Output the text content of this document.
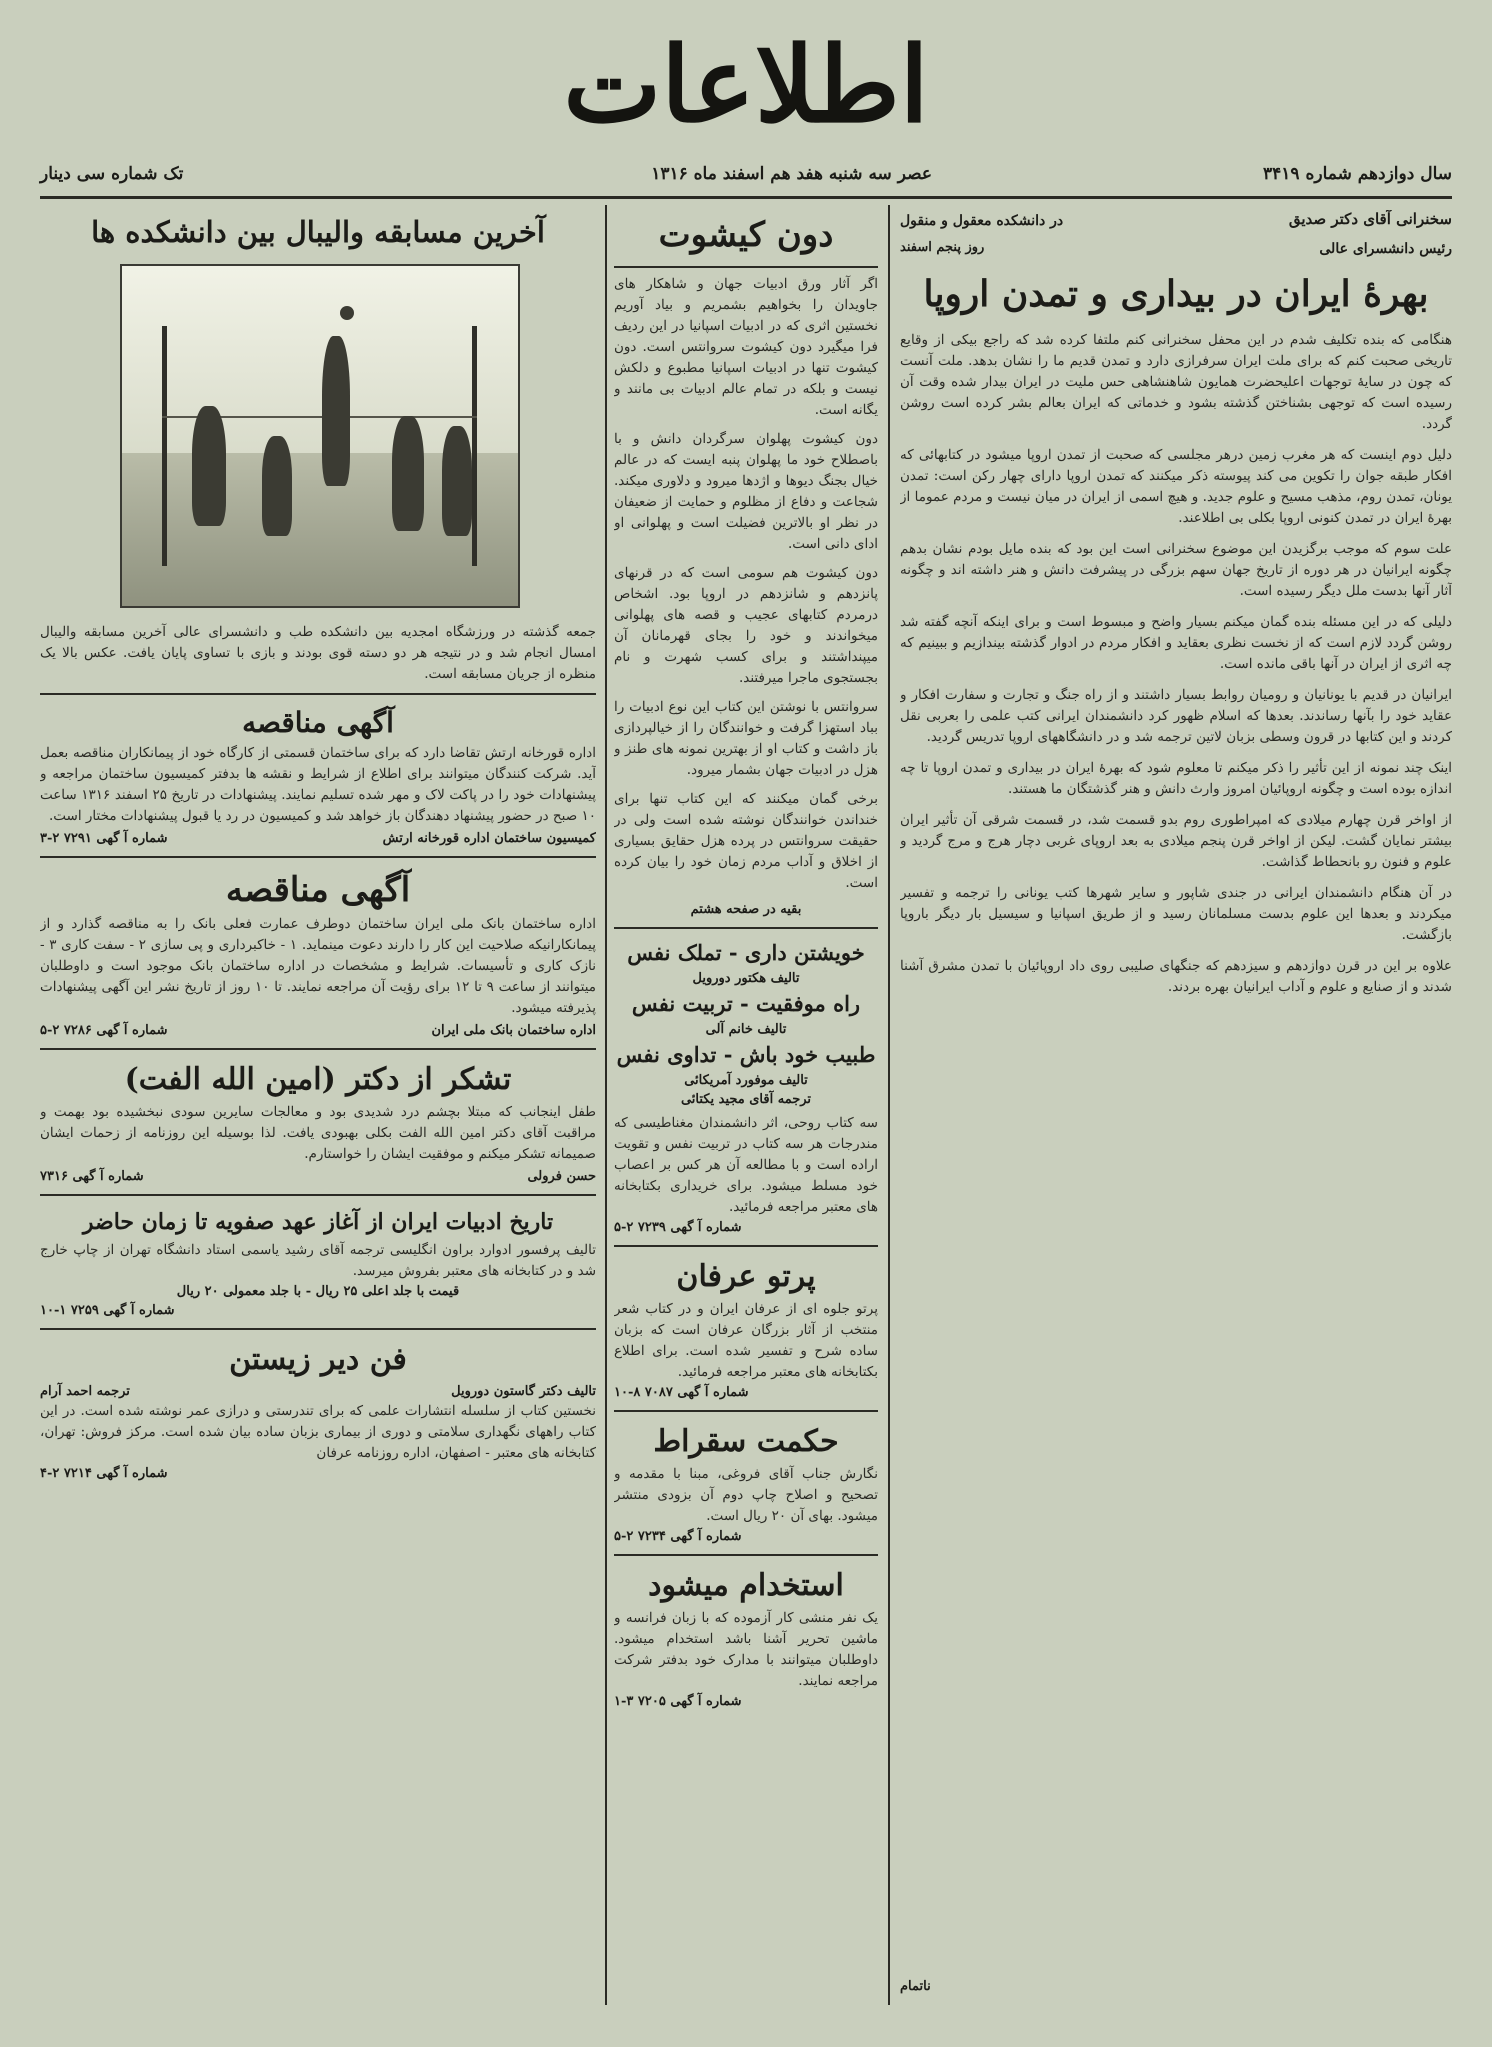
اطلاعات
سال دوازدهم شماره ۳۴۱۹
عصر سه شنبه هفد هم اسفند ماه ۱۳۱۶
تک شماره سی دینار

سخنرانی آقای دکتر صدیق

رئیس دانشسرای عالی

بهرهٔ ایران در بیداری و تمدن اروپا

هنگامی که بنده تکلیف شدم در این محفل سخنرانی کنم ملتفا کرده شد که راجع بیکی از وقایع تاریخی صحبت کنم که برای ملت ایران سرفرازی دارد و تمدن قدیم ما را نشان بدهد. ملت آنست که چون در سایهٔ توجهات اعلیحضرت همایون شاهنشاهی حس ملیت در ایران بیدار شده وقت آن رسیده است که توجهی بشناختن گذشته بشود و خدماتی که ایران بعالم بشر کرده است روشن گردد.

دلیل دوم اینست که هر مغرب زمین درهر مجلسی که صحبت از تمدن اروپا میشود در کتابهائی که افکار طبقه جوان را تکوین می کند پیوسته ذکر میکنند که تمدن اروپا دارای چهار رکن است: تمدن یونان، تمدن روم، مذهب مسیح و علوم جدید. و هیچ اسمی از ایران در میان نیست و مردم عموما از بهرهٔ ایران در تمدن کنونی اروپا بکلی بی اطلاعند.

علت سوم که موجب برگزیدن این موضوع سخنرانی است این بود که بنده مایل بودم نشان بدهم چگونه ایرانیان در هر دوره از تاریخ جهان سهم بزرگی در پیشرفت دانش و هنر داشته اند و چگونه آثار آنها بدست ملل دیگر رسیده است.

دلیلی که در این مسئله بنده گمان میکنم بسیار واضح و مبسوط است و برای اینکه آنچه گفته شد روشن گردد لازم است که از نخست نظری بعقاید و افکار مردم در ادوار گذشته بیندازیم و ببینیم که چه اثری از ایران در آنها باقی مانده است.

ایرانیان در قدیم با یونانیان و رومیان روابط بسیار داشتند و از راه جنگ و تجارت و سفارت افکار و عقاید خود را بآنها رساندند. بعدها که اسلام ظهور کرد دانشمندان ایرانی کتب علمی را بعربی نقل کردند و این کتابها در قرون وسطی بزبان لاتین ترجمه شد و در دانشگاههای اروپا تدریس گردید.

اینک چند نمونه از این تأثیر را ذکر میکنم تا معلوم شود که بهرهٔ ایران در بیداری و تمدن اروپا تا چه اندازه بوده است و چگونه اروپائیان امروز وارث دانش و هنر گذشتگان ما هستند.

از اواخر قرن چهارم میلادی که امپراطوری روم بدو قسمت شد، در قسمت شرقی آن تأثیر ایران بیشتر نمایان گشت. لیکن از اواخر قرن پنجم میلادی به بعد اروپای غربی دچار هرج و مرج گردید و علوم و فنون رو بانحطاط گذاشت.

در آن هنگام دانشمندان ایرانی در جندی شاپور و سایر شهرها کتب یونانی را ترجمه و تفسیر میکردند و بعدها این علوم بدست مسلمانان رسید و از طریق اسپانیا و سیسیل بار دیگر باروپا بازگشت.

علاوه بر این در قرن دوازدهم و سیزدهم که جنگهای صلیبی روی داد اروپائیان با تمدن مشرق آشنا شدند و از صنایع و علوم و آداب ایرانیان بهره بردند.

ناتمام
دون کیشوت

اگر آثار ورق ادبیات جهان و شاهکار های جاویدان را بخواهیم بشمریم و بیاد آوریم نخستین اثری که در ادبیات اسپانیا در این ردیف فرا میگیرد دون کیشوت سروانتس است. دون کیشوت تنها در ادبیات اسپانیا مطبوع و دلکش نیست و بلکه در تمام عالم ادبیات بی مانند و یگانه است.

دون کیشوت پهلوان سرگردان دانش و با باصطلاح خود ما پهلوان پنبه ایست که در عالم خیال بجنگ دیوها و اژدها میرود و دلاوری میکند. شجاعت و دفاع از مظلوم و حمایت از ضعیفان در نظر او بالاترین فضیلت است و پهلوانی او ادای دانی است.

دون کیشوت هم سومی است که در قرنهای پانزدهم و شانزدهم در اروپا بود. اشخاص درمردم کتابهای عجیب و قصه های پهلوانی میخواندند و خود را بجای قهرمانان آن میپنداشتند و برای کسب شهرت و نام بجستجوی ماجرا میرفتند.

سروانتس با نوشتن این کتاب این نوع ادبیات را بباد استهزا گرفت و خوانندگان را از خیالپردازی باز داشت و کتاب او از بهترین نمونه های طنز و هزل در ادبیات جهان بشمار میرود.

برخی گمان میکنند که این کتاب تنها برای خنداندن خوانندگان نوشته شده است ولی در حقیقت سروانتس در پرده هزل حقایق بسیاری از اخلاق و آداب مردم زمان خود را بیان کرده است.

بقیه در صفحه هشتم

خویشتن داری - تملک نفس

تالیف هکتور دورویل

راه موفقیت - تربیت نفس

تالیف خانم آلی

طبیب خود باش - تداوی نفس

تالیف موفورد آمریکائی

ترجمه آقای مجید یکتائی

سه کتاب روحی، اثر دانشمندان مغناطیسی که مندرجات هر سه کتاب در تربیت نفس و تقویت اراده است و با مطالعه آن هر کس بر اعصاب خود مسلط میشود. برای خریداری بکتابخانه های معتبر مراجعه فرمائید.

شماره آ گهی ۷۲۳۹ ۲-۵

پرتو عرفان

پرتو جلوه ای از عرفان ایران و در کتاب شعر منتخب از آثار بزرگان عرفان است که بزبان ساده شرح و تفسیر شده است. برای اطلاع بکتابخانه های معتبر مراجعه فرمائید.

شماره آ گهی ۷۰۸۷ ۸-۱۰

حکمت سقراط

نگارش جناب آقای فروغی، مبنا با مقدمه و تصحیح و اصلاح چاپ دوم آن بزودی منتشر میشود. بهای آن ۲۰ ریال است.

شماره آ گهی ۷۲۳۴ ۲-۵

استخدام میشود

یک نفر منشی کار آزموده که با زبان فرانسه و ماشین تحریر آشنا باشد استخدام میشود. داوطلبان میتوانند با مدارک خود بدفتر شرکت مراجعه نمایند.

شماره آ گهی ۷۲۰۵ ۳-۱

در دانشکده معقول و منقول

روز پنجم اسفند

آخرین مسابقه والیبال بین دانشکده ها

جمعه گذشته در ورزشگاه امجدیه بین دانشکده طب و دانشسرای عالی آخرین مسابقه والیبال امسال انجام شد و در نتیجه هر دو دسته قوی بودند و بازی با تساوی پایان یافت. عکس بالا یک منظره از جریان مسابقه است.

آگهی مناقصه

اداره قورخانه ارتش تقاضا دارد که برای ساختمان قسمتی از کارگاه خود از پیمانکاران مناقصه بعمل آید. شرکت کنندگان میتوانند برای اطلاع از شرایط و نقشه ها بدفتر کمیسیون ساختمان مراجعه و پیشنهادات خود را در پاکت لاک و مهر شده تسلیم نمایند. پیشنهادات در تاریخ ۲۵ اسفند ۱۳۱۶ ساعت ۱۰ صبح در حضور پیشنهاد دهندگان باز خواهد شد و کمیسیون در رد یا قبول پیشنهادات مختار است.

کمیسیون ساختمان اداره قورخانه ارتش
شماره آ گهی ۷۲۹۱ ۲-۳
آگهی مناقصه

اداره ساختمان بانک ملی ایران ساختمان دوطرف عمارت فعلی بانک را به مناقصه گذارد و از پیمانکارانیکه صلاحیت این کار را دارند دعوت مینماید. ۱ - خاکبرداری و پی سازی ۲ - سفت کاری ۳ - نازک کاری و تأسیسات. شرایط و مشخصات در اداره ساختمان بانک موجود است و داوطلبان میتوانند از ساعت ۹ تا ۱۲ برای رؤیت آن مراجعه نمایند. تا ۱۰ روز از تاریخ نشر این آگهی پیشنهادات پذیرفته میشود.

اداره ساختمان بانک ملی ایران
شماره آ گهی ۷۲۸۶ ۲-۵
تشکر از دکتر (امین الله الفت)

طفل اینجانب که مبتلا بچشم درد شدیدی بود و معالجات سایرین سودی نبخشیده بود بهمت و مراقبت آقای دکتر امین الله الفت بکلی بهبودی یافت. لذا بوسیله این روزنامه از زحمات ایشان صمیمانه تشکر میکنم و موفقیت ایشان را خواستارم.

حسن فرولی
شماره آ گهی ۷۳۱۶
تاریخ ادبیات ایران از آغاز عهد صفویه تا زمان حاضر

تالیف پرفسور ادوارد براون انگلیسی ترجمه آقای رشید یاسمی استاد دانشگاه تهران از چاپ خارج شد و در کتابخانه های معتبر بفروش میرسد.

قیمت با جلد اعلی ۲۵ ریال - با جلد معمولی ۲۰ ریال

شماره آ گهی ۷۲۵۹ ۱-۱۰

فن دیر زیستن
تالیف دکتر گاستون دورویل
ترجمه احمد آرام

نخستین کتاب از سلسله انتشارات علمی که برای تندرستی و درازی عمر نوشته شده است. در این کتاب راههای نگهداری سلامتی و دوری از بیماری بزبان ساده بیان شده است. مرکز فروش: تهران، کتابخانه های معتبر - اصفهان، اداره روزنامه عرفان

شماره آ گهی ۷۲۱۴ ۲-۴
